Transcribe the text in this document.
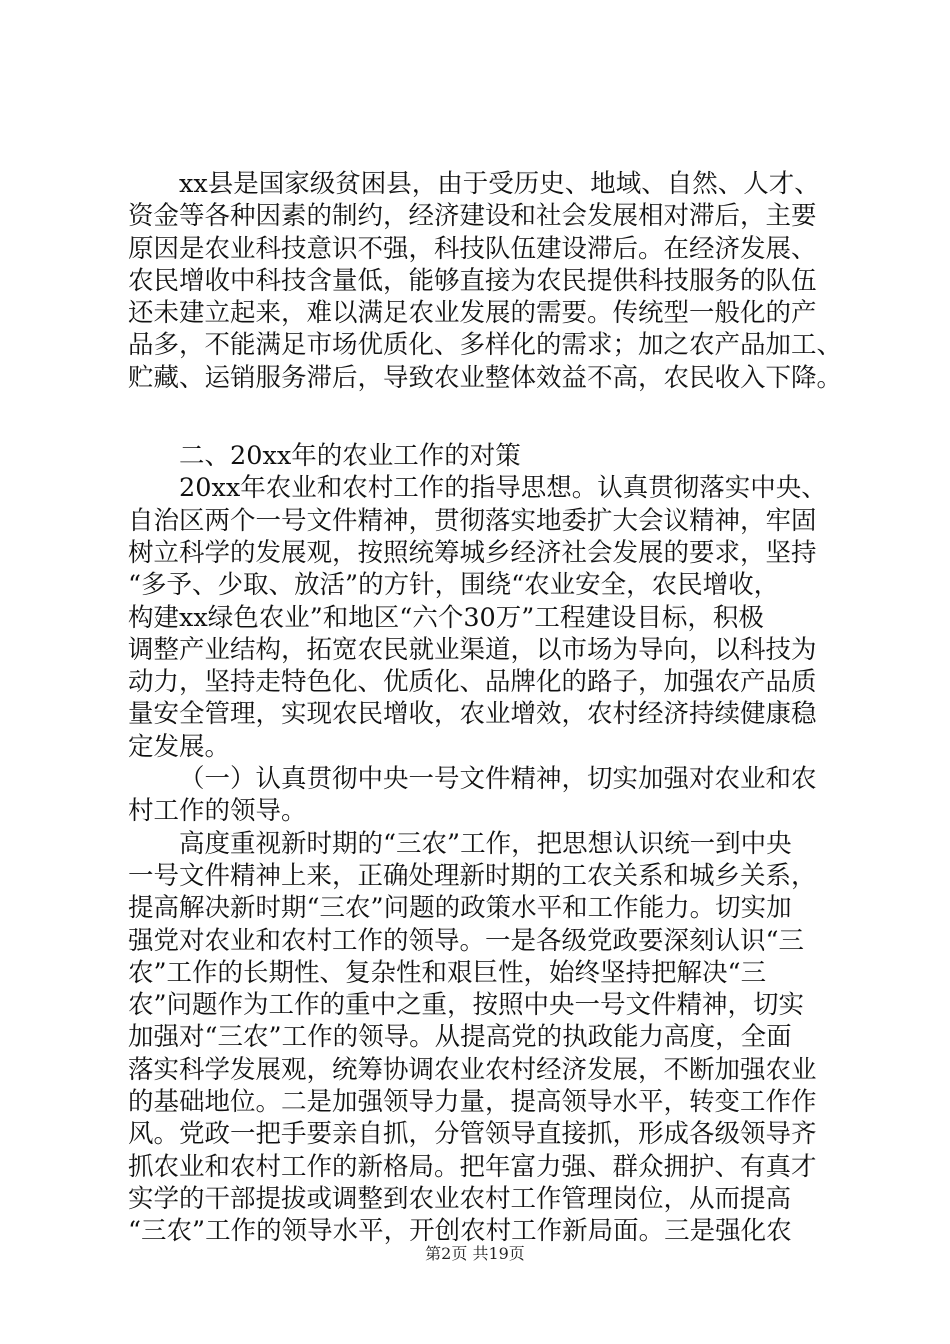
xx县是国家级贫困县，由于受历史、地域、自然、人才、
资金等各种因素的制约，经济建设和社会发展相对滞后，主要
原因是农业科技意识不强，科技队伍建设滞后。在经济发展、
农民增收中科技含量低，能够直接为农民提供科技服务的队伍
还未建立起来，难以满足农业发展的需要。传统型一般化的产
品多，不能满足市场优质化、多样化的需求；加之农产品加工、
贮藏、运销服务滞后，导致农业整体效益不高，农民收入下降。
二、20xx年的农业工作的对策
20xx年农业和农村工作的指导思想。认真贯彻落实中央、
自治区两个一号文件精神，贯彻落实地委扩大会议精神，牢固
树立科学的发展观，按照统筹城乡经济社会发展的要求，坚持
“多予、少取、放活”的方针，围绕“农业安全，农民增收，
构建xx绿色农业”和地区“六个30万”工程建设目标，积极
调整产业结构，拓宽农民就业渠道，以市场为导向，以科技为
动力，坚持走特色化、优质化、品牌化的路子，加强农产品质
量安全管理，实现农民增收，农业增效，农村经济持续健康稳
定发展。
（一）认真贯彻中央一号文件精神，切实加强对农业和农
村工作的领导。
高度重视新时期的“三农”工作，把思想认识统一到中央
一号文件精神上来，正确处理新时期的工农关系和城乡关系，
提高解决新时期“三农”问题的政策水平和工作能力。切实加
强党对农业和农村工作的领导。一是各级党政要深刻认识“三
农”工作的长期性、复杂性和艰巨性，始终坚持把解决“三
农”问题作为工作的重中之重，按照中央一号文件精神，切实
加强对“三农”工作的领导。从提高党的执政能力高度，全面
落实科学发展观，统筹协调农业农村经济发展，不断加强农业
的基础地位。二是加强领导力量，提高领导水平，转变工作作
风。党政一把手要亲自抓，分管领导直接抓，形成各级领导齐
抓农业和农村工作的新格局。把年富力强、群众拥护、有真才
实学的干部提拔或调整到农业农村工作管理岗位，从而提高
“三农”工作的领导水平，开创农村工作新局面。三是强化农
第2页 共19页
